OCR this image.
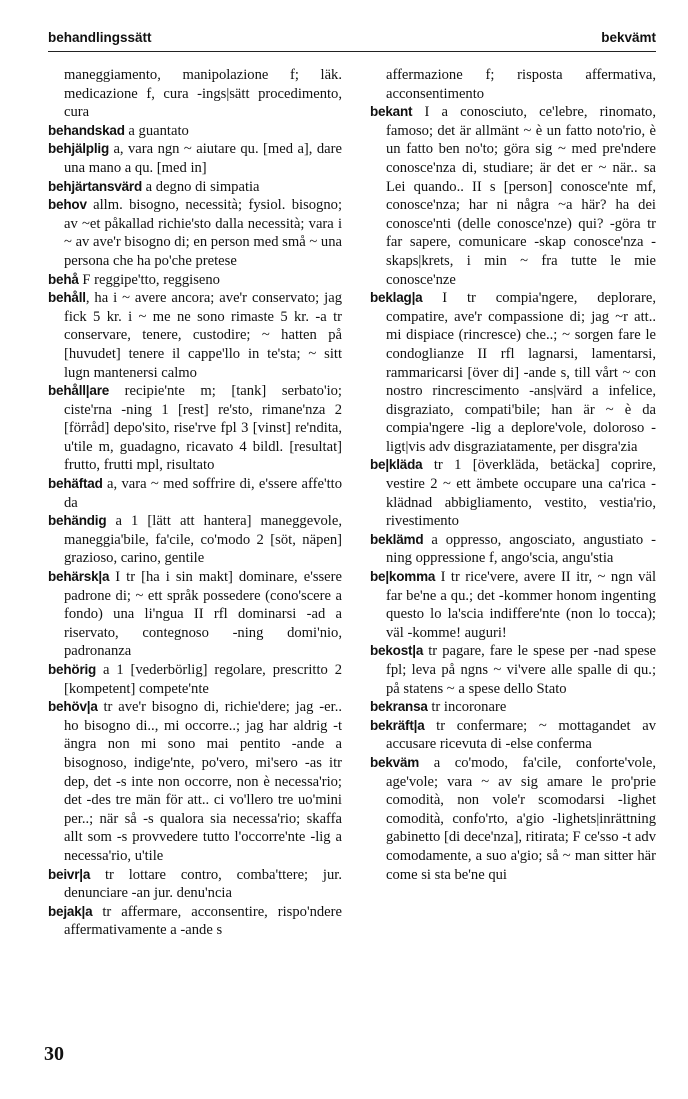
behandlingssätt	bekvämt

maneggiamento, manipolazione f; läk. medicazione f, cura -ings|sätt procedimento, cura

behandskad a guantato

behjälplig a, vara ngn ~ aiutare qu. [med a], dare una mano a qu. [med in]

behjärtansvärd a degno di simpatia

behov allm. bisogno, necessità; fysiol. bisogno; av ~et påkallad richie'sto dalla necessità; vara i ~ av ave'r bisogno di; en person med små ~ una persona che ha po'che pretese

behå F reggipe'tto, reggiseno

behåll, ha i ~ avere ancora; ave'r conservato; jag fick 5 kr. i ~ me ne sono rimaste 5 kr. -a tr conservare, tenere, custodire; ~ hatten på [huvudet] tenere il cappe'llo in te'sta; ~ sitt lugn mantenersi calmo

behåll|are recipie'nte m; [tank] serbato'io; ciste'rna -ning 1 [rest] re'sto, rimane'nza 2 [förråd] depo'sito, rise'rve fpl 3 [vinst] re'ndita, u'tile m, guadagno, ricavato 4 bildl. [resultat] frutto, frutti mpl, risultato

behäftad a, vara ~ med soffrire di, e'ssere affe'tto da

behändig a 1 [lätt att hantera] maneggevole, maneggia'bile, fa'cile, co'modo 2 [söt, näpen] grazioso, carino, gentile

behärsk|a I tr [ha i sin makt] dominare, e'ssere padrone di; ~ ett språk possedere (cono'scere a fondo) una li'ngua II rfl dominarsi -ad a riservato, contegnoso -ning domi'nio, padronanza

behörig a 1 [vederbörlig] regolare, prescritto 2 [kompetent] compete'nte

behöv|a tr ave'r bisogno di, richie'dere; jag -er.. ho bisogno di.., mi occorre..; jag har aldrig -t ängra non mi sono mai pentito -ande a bisognoso, indige'nte, po'vero, mi'sero -as itr dep, det -s inte non occorre, non è necessa'rio; det -des tre män för att.. ci vo'llero tre uo'mini per..; när så -s qualora sia necessa'rio; skaffa allt som -s provvedere tutto l'occorre'nte -lig a necessa'rio, u'tile

beivr|a tr lottare contro, comba'ttere; jur. denunciare -an jur. denu'ncia

bejak|a tr affermare, acconsentire, rispo'ndere affermativamente a -ande s

affermazione f; risposta affermativa, acconsentimento

bekant I a conosciuto, ce'lebre, rinomato, famoso; det är allmänt ~ è un fatto noto'rio, è un fatto ben no'to; göra sig ~ med pre'ndere conosce'nza di, studiare; är det er ~ när.. sa Lei quando.. II s [person] conosce'nte mf, conosce'nza; har ni några ~a här? ha dei conosce'nti (delle conosce'nze) qui? -göra tr far sapere, comunicare -skap conosce'nza -skaps|krets, i min ~ fra tutte le mie conosce'nze

beklag|a I tr compia'ngere, deplorare, compatire, ave'r compassione di; jag ~r att.. mi dispiace (rincresce) che..; ~ sorgen fare le condoglianze II rfl lagnarsi, lamentarsi, rammaricarsi [över di] -ande s, till vårt ~ con nostro rincrescimento -ans|värd a infelice, disgraziato, compati'bile; han är ~ è da compia'ngere -lig a deplore'vole, doloroso -ligt|vis adv disgraziatamente, per disgra'zia

be|kläda tr 1 [överkläda, betäcka] coprire, vestire 2 ~ ett ämbete occupare una ca'rica -klädnad abbigliamento, vestito, vestia'rio, rivestimento

beklämd a oppresso, angosciato, angustiato -ning oppressione f, ango'scia, angu'stia

be|komma I tr rice'vere, avere II itr, ~ ngn väl far be'ne a qu.; det -kommer honom ingenting questo lo la'scia indiffere'nte (non lo tocca); väl -komme! auguri!

bekost|a tr pagare, fare le spese per -nad spese fpl; leva på ngns ~ vi'vere alle spalle di qu.; på statens ~ a spese dello Stato

bekransa tr incoronare

bekräft|a tr confermare; ~ mottagandet av accusare ricevuta di -else conferma

bekväm a co'modo, fa'cile, conforte'vole, age'vole; vara ~ av sig amare le pro'prie comodità, non vole'r scomodarsi -lighet comodità, confo'rto, a'gio -lighets|inrättning gabinetto [di dece'nza], ritirata; F ce'sso -t adv comodamente, a suo a'gio; så ~ man sitter här come si sta be'ne qui

30
